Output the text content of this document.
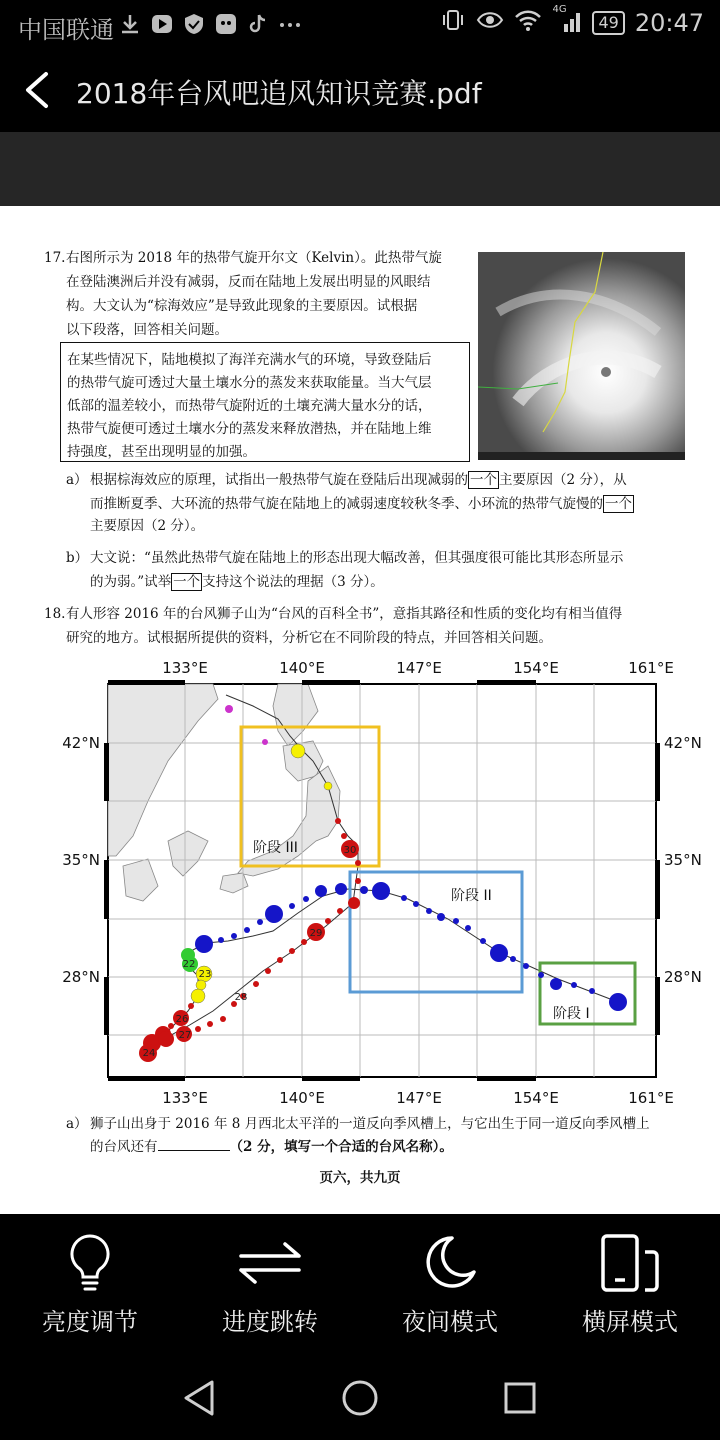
中国联通
4G
49 20:47
2018年台风吧追风知识竞赛.pdf
17. 右图所示为 2018 年的热带气旋开尔文（Kelvin）。此热带气旋
在登陆澳洲后并没有减弱，反而在陆地上发展出明显的风眼结
构。大文认为“棕海效应”是导致此现象的主要原因。试根据
以下段落，回答相关问题。
在某些情况下，陆地模拟了海洋充满水气的环境，导致登陆后
的热带气旋可透过大量土壤水分的蒸发来获取能量。当大气层
低部的温差较小，而热带气旋附近的土壤充满大量水分的话，
热带气旋便可透过土壤水分的蒸发来释放潜热，并在陆地上维
持强度，甚至出现明显的加强。
a） 根据棕海效应的原理，试指出一般热带气旋在登陆后出现减弱的 一个 主要原因（2 分），从
而推断夏季、大环流的热带气旋在陆地上的减弱速度较秋冬季、小环流的热带气旋慢的 一个
主要原因（2 分）。
b） 大文说：“虽然此热带气旋在陆地上的形态出现大幅改善，但其强度很可能比其形态所显示
的为弱。”试举 一个 支持这个说法的理据（3 分）。
18. 有人形容 2016 年的台风狮子山为“台风的百科全书”，意指其路径和性质的变化均有相当值得
研究的地方。试根据所提供的资料，分析它在不同阶段的特点，并回答相关问题。
133°E	140°E	147°E	154°E	161°E
133°E	140°E	147°E	154°E	161°E
42°N
35°N
28°N
42°N
35°N
28°N
阶段 III
阶段 II
阶段 I
22
23
24
26
27
28
29
30
a） 狮子山出身于 2016 年 8 月西北太平洋的一道反向季风槽上，与它出生于同一道反向季风槽上
的台风还有	（2 分，填写一个合适的台风名称）。
页六，共九页
亮度调节	进度跳转	夜间模式	横屏模式
